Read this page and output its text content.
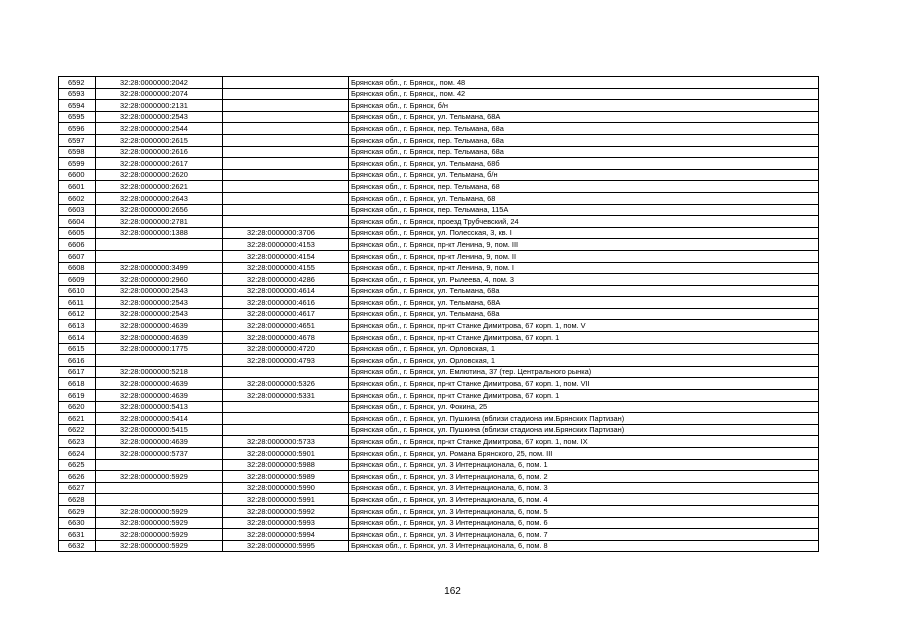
6592	32:28:0000000:2042		Брянская обл., г. Брянск,, пом. 48
6593	32:28:0000000:2074		Брянская обл., г. Брянск,, пом. 42
6594	32:28:0000000:2131		Брянская обл., г. Брянск, б/н
6595	32:28:0000000:2543		Брянская обл., г. Брянск, ул. Тельмана, 68А
6596	32:28:0000000:2544		Брянская обл., г. Брянск, пер. Тельмана, 68а
6597	32:28:0000000:2615		Брянская обл., г. Брянск, пер. Тельмана, 68а
6598	32:28:0000000:2616		Брянская обл., г. Брянск, пер. Тельмана, 68а
6599	32:28:0000000:2617		Брянская обл., г. Брянск, ул. Тельмана, 68б
6600	32:28:0000000:2620		Брянская обл., г. Брянск, ул. Тельмана, б/н
6601	32:28:0000000:2621		Брянская обл., г. Брянск, пер. Тельмана, 68
6602	32:28:0000000:2643		Брянская обл., г. Брянск, ул. Тельмана, 68
6603	32:28:0000000:2656		Брянская обл., г. Брянск, пер. Тельмана, 115А
6604	32:28:0000000:2781		Брянская обл., г. Брянск, проезд Трубчевский, 24
6605	32:28:0000000:1388	32:28:0000000:3706	Брянская обл., г. Брянск, ул. Полесская, 3, кв. I
6606		32:28:0000000:4153	Брянская обл., г. Брянск, пр-кт Ленина, 9, пом. III
6607		32:28:0000000:4154	Брянская обл., г. Брянск, пр-кт Ленина, 9, пом. II
6608	32:28:0000000:3499	32:28:0000000:4155	Брянская обл., г. Брянск, пр-кт Ленина, 9, пом. I
6609	32:28:0000000:2960	32:28:0000000:4286	Брянская обл., г. Брянск, ул. Рылеева, 4, пом. 3
6610	32:28:0000000:2543	32:28:0000000:4614	Брянская обл., г. Брянск, ул. Тельмана, 68а
6611	32:28:0000000:2543	32:28:0000000:4616	Брянская обл., г. Брянск, ул. Тельмана, 68А
6612	32:28:0000000:2543	32:28:0000000:4617	Брянская обл., г. Брянск, ул. Тельмана, 68а
6613	32:28:0000000:4639	32:28:0000000:4651	Брянская обл., г. Брянск, пр-кт Станке Димитрова, 67 корп. 1, пом. V
6614	32:28:0000000:4639	32:28:0000000:4678	Брянская обл., г. Брянск, пр-кт Станке Димитрова, 67 корп. 1
6615	32:28:0000000:1775	32:28:0000000:4720	Брянская обл., г. Брянск, ул. Орловская, 1
6616		32:28:0000000:4793	Брянская обл., г. Брянск, ул. Орловская, 1
6617	32:28:0000000:5218		Брянская обл., г. Брянск, ул. Емлютина, 37 (тер. Центрального рынка)
6618	32:28:0000000:4639	32:28:0000000:5326	Брянская обл., г. Брянск, пр-кт Станке Димитрова, 67 корп. 1, пом. VII
6619	32:28:0000000:4639	32:28:0000000:5331	Брянская обл., г. Брянск, пр-кт Станке Димитрова, 67 корп. 1
6620	32:28:0000000:5413		Брянская обл., г. Брянск, ул. Фокина, 25
6621	32:28:0000000:5414		Брянская обл., г. Брянск, ул. Пушкина (вблизи стадиона им.Брянских Партизан)
6622	32:28:0000000:5415		Брянская обл., г. Брянск, ул. Пушкина (вблизи стадиона им.Брянских Партизан)
6623	32:28:0000000:4639	32:28:0000000:5733	Брянская обл., г. Брянск, пр-кт Станке Димитрова, 67 корп. 1, пом. IX
6624	32:28:0000000:5737	32:28:0000000:5901	Брянская обл., г. Брянск, ул. Романа Брянского, 25, пом. III
6625		32:28:0000000:5988	Брянская обл., г. Брянск, ул. 3 Интернационала, 6, пом. 1
6626	32:28:0000000:5929	32:28:0000000:5989	Брянская обл., г. Брянск, ул. 3 Интернационала, 6, пом. 2
6627		32:28:0000000:5990	Брянская обл., г. Брянск, ул. 3 Интернационала, 6, пом. 3
6628		32:28:0000000:5991	Брянская обл., г. Брянск, ул. 3 Интернационала, 6, пом. 4
6629	32:28:0000000:5929	32:28:0000000:5992	Брянская обл., г. Брянск, ул. 3 Интернационала, 6, пом. 5
6630	32:28:0000000:5929	32:28:0000000:5993	Брянская обл., г. Брянск, ул. 3 Интернационала, 6, пом. 6
6631	32:28:0000000:5929	32:28:0000000:5994	Брянская обл., г. Брянск, ул. 3 Интернационала, 6, пом. 7
6632	32:28:0000000:5929	32:28:0000000:5995	Брянская обл., г. Брянск, ул. 3 Интернационала, 6, пом. 8
162
